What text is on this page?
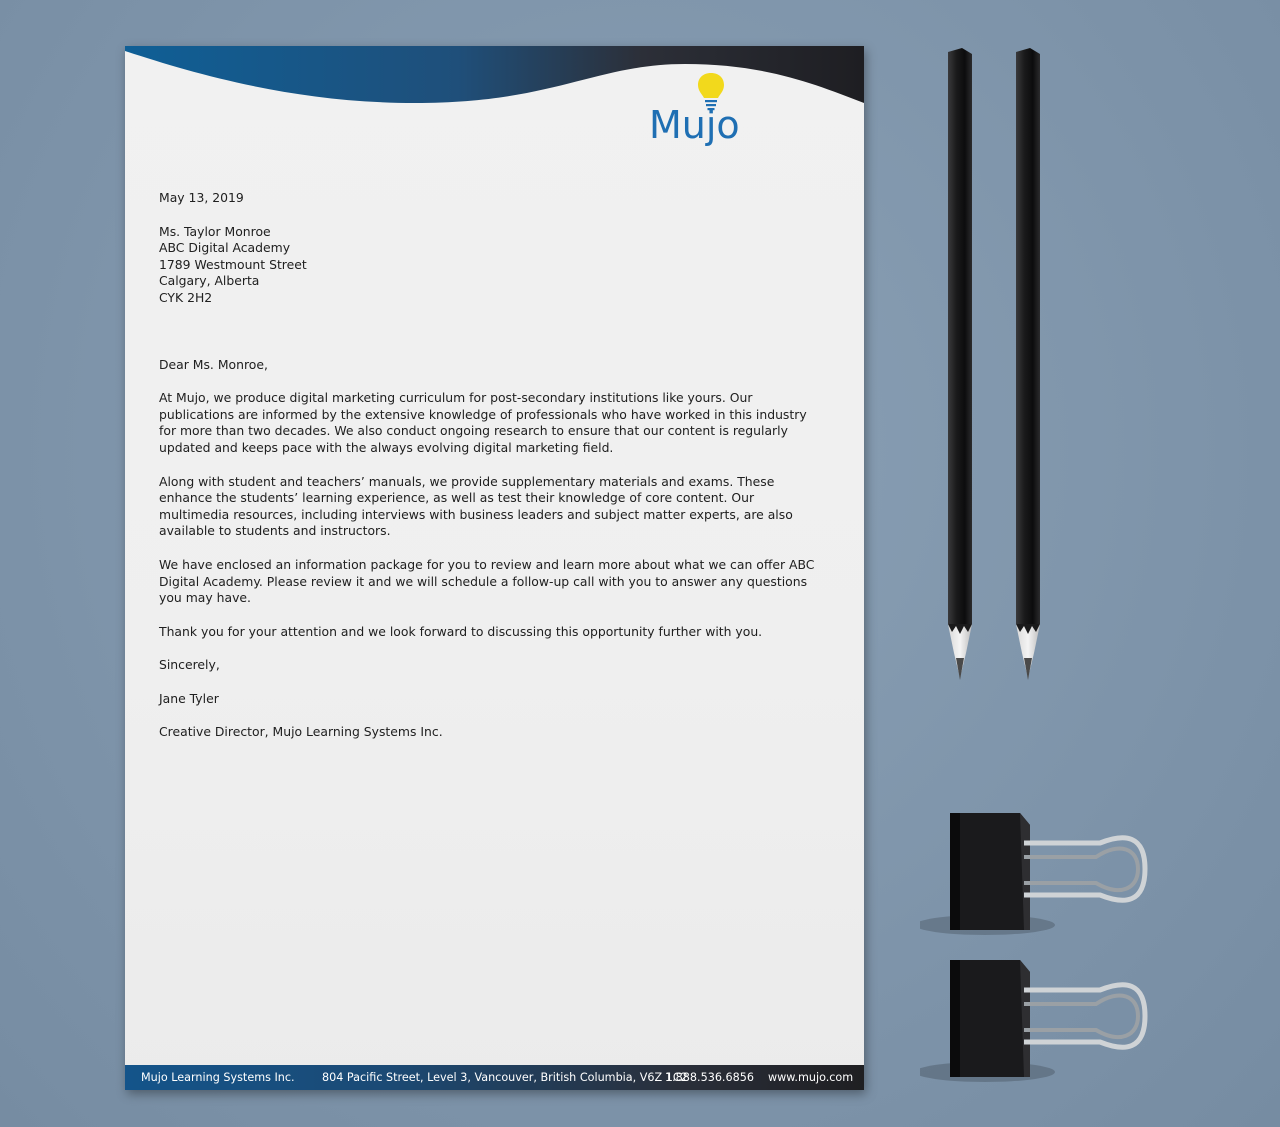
Mujo

May 13, 2019

Ms. Taylor Monroe

ABC Digital Academy

1789 Westmount Street

Calgary, Alberta

CYK 2H2

Dear Ms. Monroe,

At Mujo, we produce digital marketing curriculum for post-secondary institutions like yours. Our publications are informed by the extensive knowledge of professionals who have worked in this industry for more than two decades. We also conduct ongoing research to ensure that our content is regularly updated and keeps pace with the always evolving digital marketing field.

Along with student and teachers’ manuals, we provide supplementary materials and exams. These enhance the students’ learning experience, as well as test their knowledge of core content. Our multimedia resources, including interviews with business leaders and subject matter experts, are also available to students and instructors.

We have enclosed an information package for you to review and learn more about what we can offer ABC Digital Academy. Please review it and we will schedule a follow-up call with you to answer any questions you may have.

Thank you for your attention and we look forward to discussing this opportunity further with you.

Sincerely,

Jane Tyler

Creative Director, Mujo Learning Systems Inc.

Mujo Learning Systems Inc. 804 Pacific Street, Level 3, Vancouver, British Columbia, V6Z 1C2
1.888.536.6856 www.mujo.com
